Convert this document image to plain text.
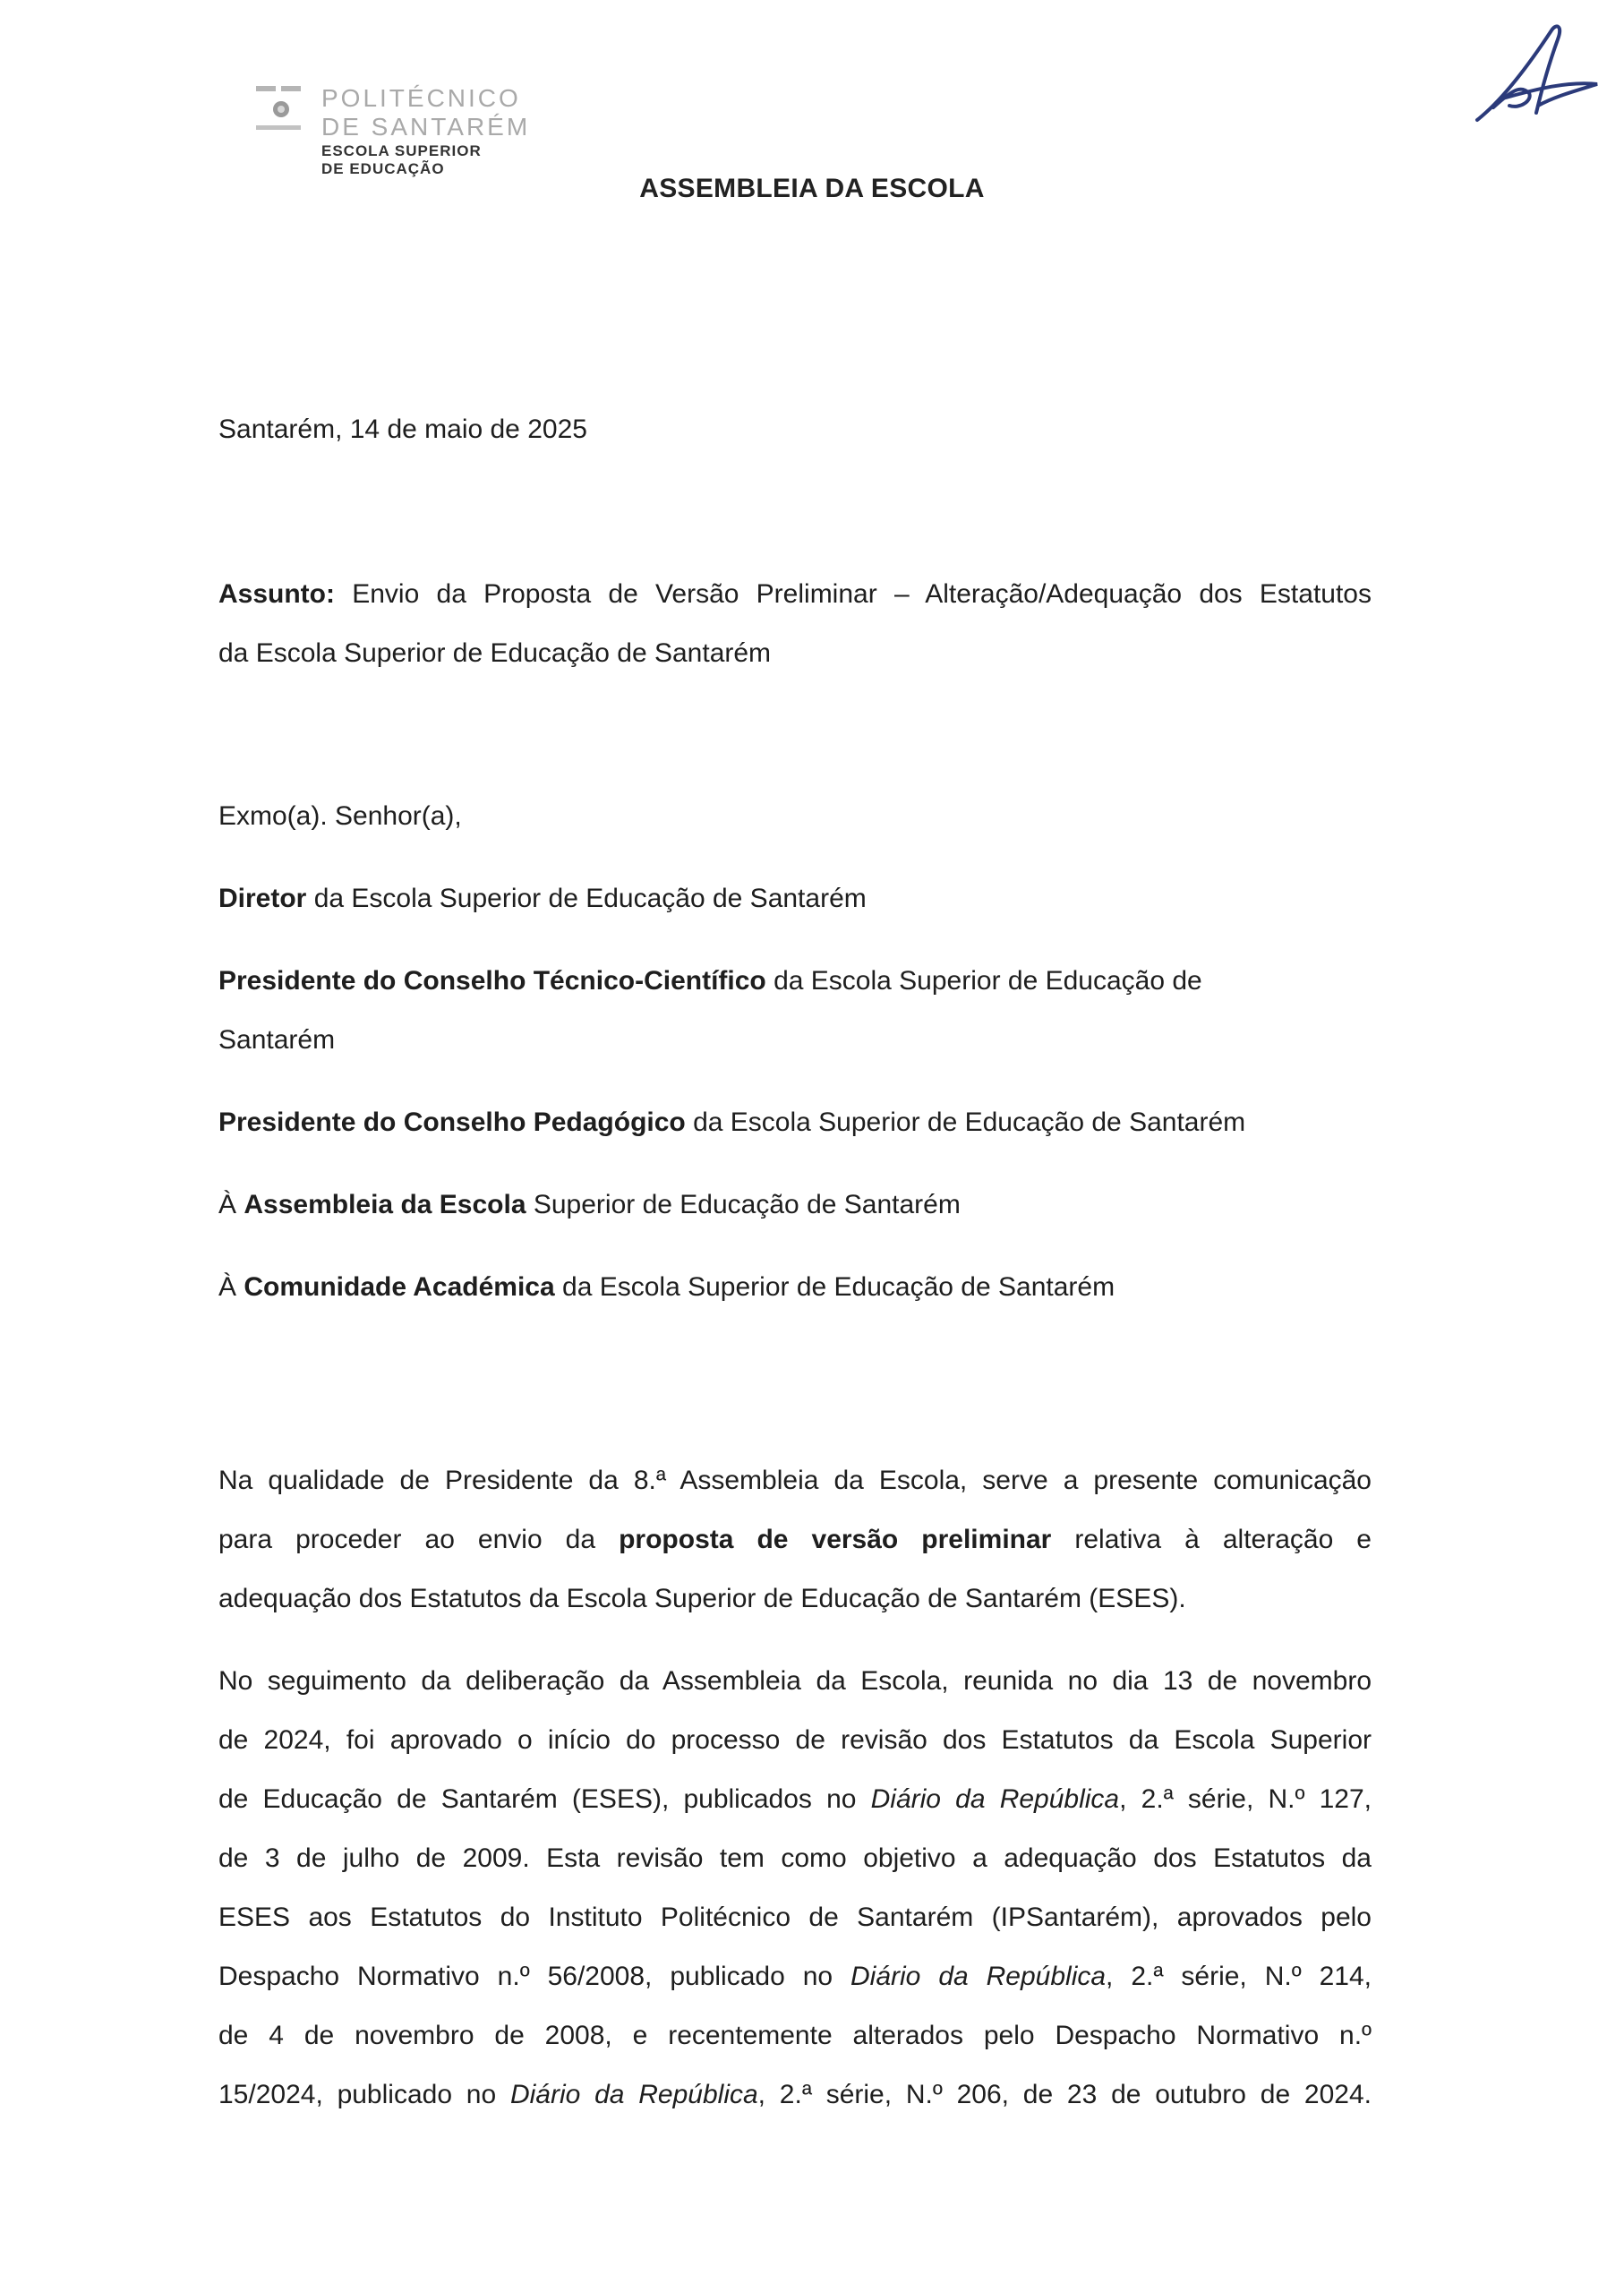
POLITÉCNICO
DE SANTARÉM
ESCOLA SUPERIOR
DE EDUCAÇÃO
ASSEMBLEIA DA ESCOLA
Santarém, 14 de maio de 2025
Assunto: Envio da Proposta de Versão Preliminar – Alteração/Adequação dos Estatutos
da Escola Superior de Educação de Santarém
Exmo(a). Senhor(a),
Diretor da Escola Superior de Educação de Santarém
Presidente do Conselho Técnico-Científico da Escola Superior de Educação de
Santarém
Presidente do Conselho Pedagógico da Escola Superior de Educação de Santarém
À Assembleia da Escola Superior de Educação de Santarém
À Comunidade Académica da Escola Superior de Educação de Santarém
Na qualidade de Presidente da 8.ª Assembleia da Escola, serve a presente comunicação
para proceder ao envio da proposta de versão preliminar relativa à alteração e
adequação dos Estatutos da Escola Superior de Educação de Santarém (ESES).
No seguimento da deliberação da Assembleia da Escola, reunida no dia 13 de novembro
de 2024, foi aprovado o início do processo de revisão dos Estatutos da Escola Superior
de Educação de Santarém (ESES), publicados no Diário da República, 2.ª série, N.º 127,
de 3 de julho de 2009. Esta revisão tem como objetivo a adequação dos Estatutos da
ESES aos Estatutos do Instituto Politécnico de Santarém (IPSantarém), aprovados pelo
Despacho Normativo n.º 56/2008, publicado no Diário da República, 2.ª série, N.º 214,
de 4 de novembro de 2008, e recentemente alterados pelo Despacho Normativo n.º
15/2024, publicado no Diário da República, 2.ª série, N.º 206, de 23 de outubro de 2024.
